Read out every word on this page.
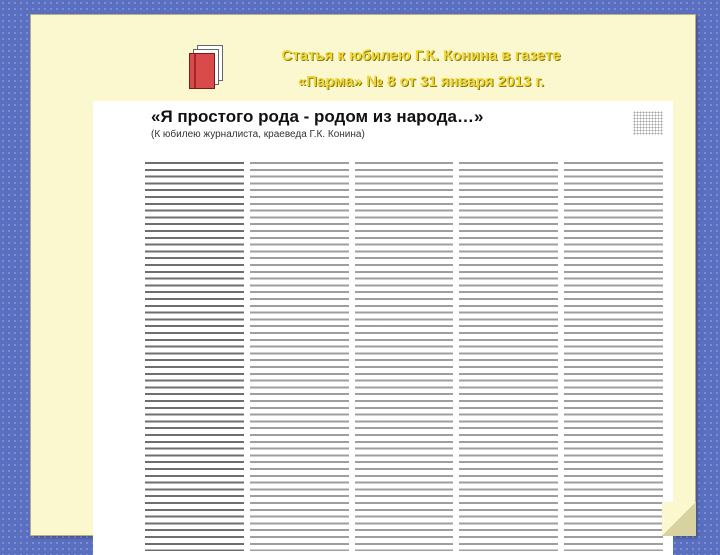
Статья к юбилею Г.К. Конина в газете
«Пармa» № 8 от 31 января 2013 г.
«Я простого рода - родом из народа…»
(К юбилею журналиста, краеведа Г.К. Конина)
